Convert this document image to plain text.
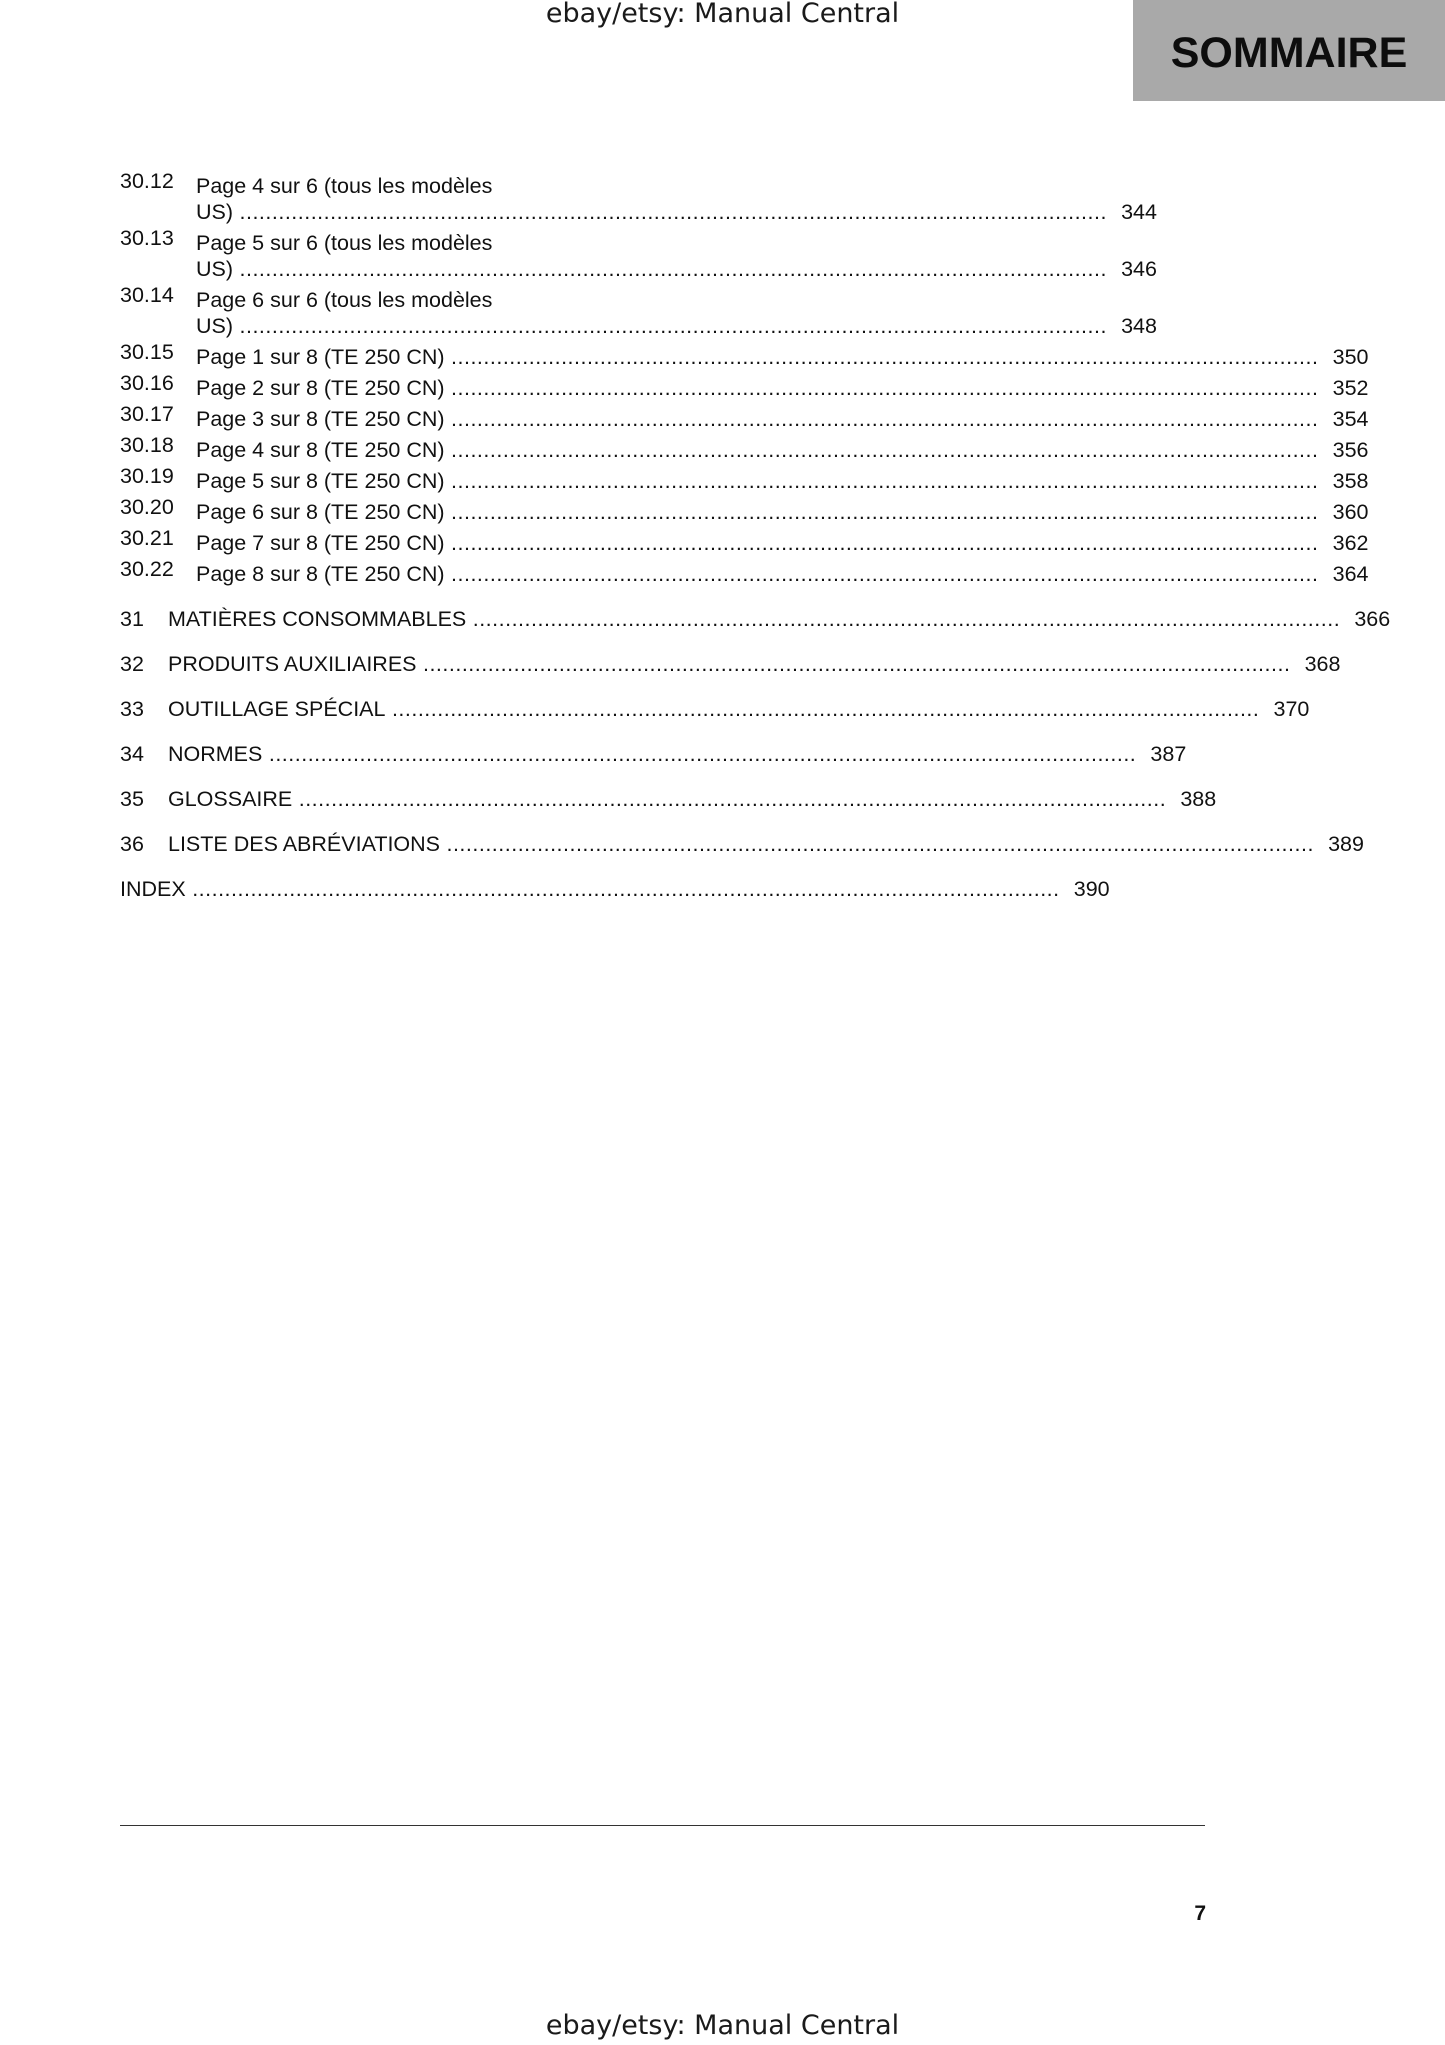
ebay/etsy: Manual Central
SOMMAIRE
30.12	Page 4 sur 6 (tous les modèles
US) .....	344
30.13	Page 5 sur 6 (tous les modèles
US) .....	346
30.14	Page 6 sur 6 (tous les modèles
US) .....	348
30.15	Page 1 sur 8 (TE 250 CN) .....	350
30.16	Page 2 sur 8 (TE 250 CN) .....	352
30.17	Page 3 sur 8 (TE 250 CN) .....	354
30.18	Page 4 sur 8 (TE 250 CN) .....	356
30.19	Page 5 sur 8 (TE 250 CN) .....	358
30.20	Page 6 sur 8 (TE 250 CN) .....	360
30.21	Page 7 sur 8 (TE 250 CN) .....	362
30.22	Page 8 sur 8 (TE 250 CN) .....	364
31	MATIÈRES CONSOMMABLES .....	366
32	PRODUITS AUXILIAIRES .....	368
33	OUTILLAGE SPÉCIAL .....	370
34	NORMES .....	387
35	GLOSSAIRE .....	388
36	LISTE DES ABRÉVIATIONS .....	389
INDEX .....	390
7
ebay/etsy: Manual Central
